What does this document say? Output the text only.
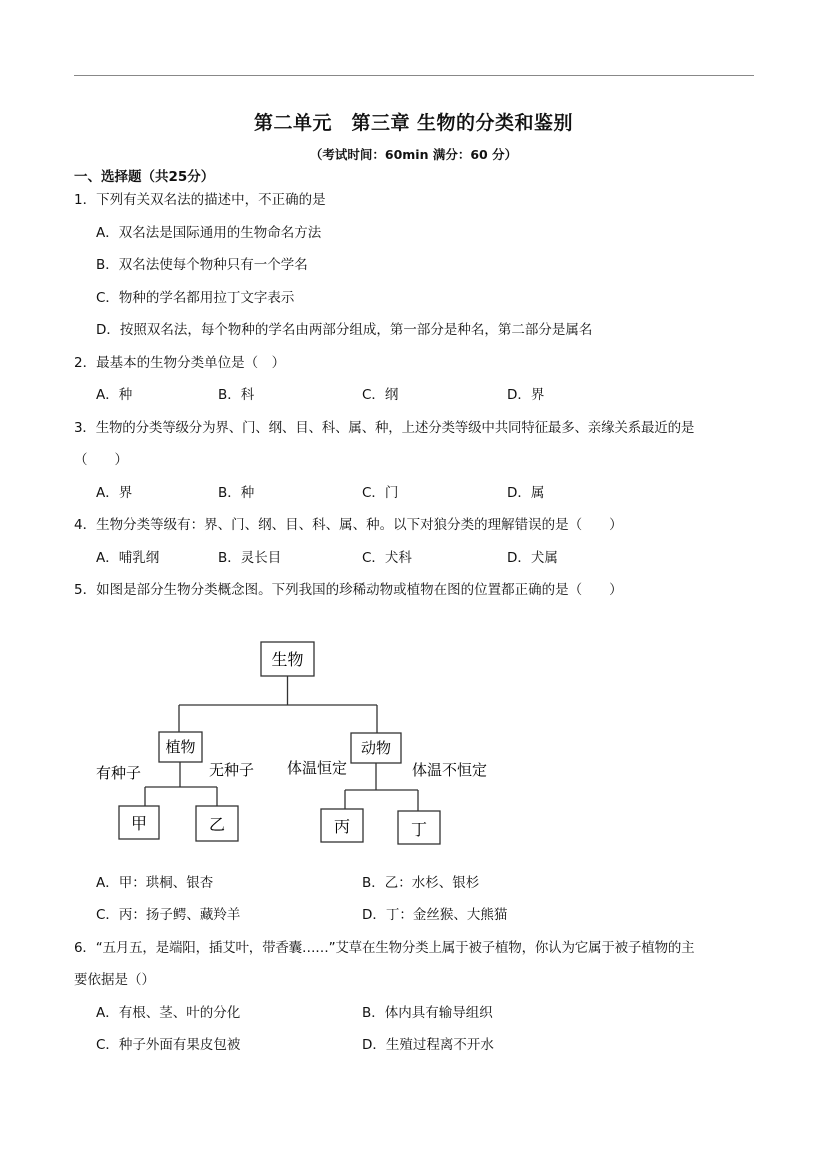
第二单元　第三章 生物的分类和鉴别
（考试时间：60min 满分：60 分）
一、选择题（共25分）
1．下列有关双名法的描述中，不正确的是
A．双名法是国际通用的生物命名方法
B．双名法使每个物种只有一个学名
C．物种的学名都用拉丁文字表示
D．按照双名法，每个物种的学名由两部分组成，第一部分是种名，第二部分是属名
2．最基本的生物分类单位是（　）
A．种	B．科	C．纲	D．界
3．生物的分类等级分为界、门、纲、目、科、属、种，上述分类等级中共同特征最多、亲缘关系最近的是
（　　）
A．界	B．种	C．门	D．属
4．生物分类等级有：界、门、纲、目、科、属、种。以下对狼分类的理解错误的是（　　）
A．哺乳纲	B．灵长目	C．犬科	D．犬属
5．如图是部分生物分类概念图。下列我国的珍稀动物或植物在图的位置都正确的是（　　）
生物
植物	动物
有种子	无种子 体温恒定	体温不恒定
甲	乙	丙	丁
A．甲：珙桐、银杏	B．乙：水杉、银杉
C．丙：扬子鳄、藏羚羊	D．丁：金丝猴、大熊猫
6．“五月五，是端阳，插艾叶，带香囊……”艾草在生物分类上属于被子植物，你认为它属于被子植物的主
要依据是（）
A．有根、茎、叶的分化	B．体内具有输导组织
C．种子外面有果皮包被	D．生殖过程离不开水
